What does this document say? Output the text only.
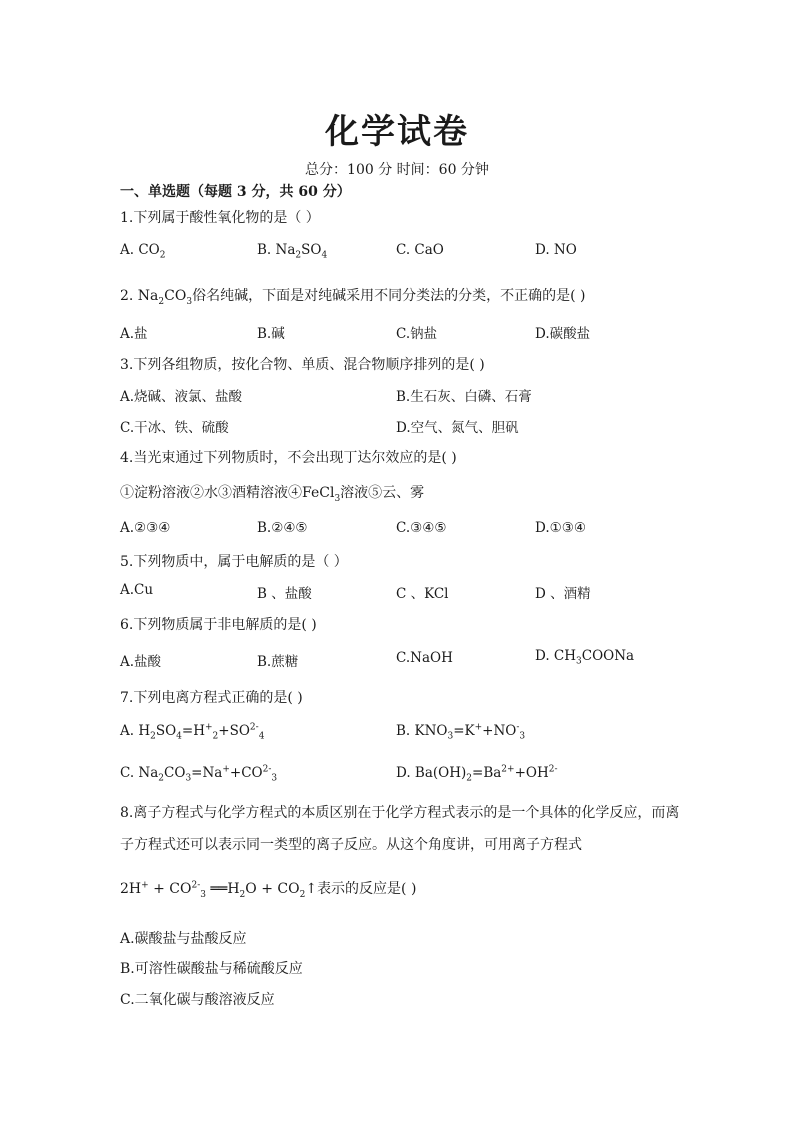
化学试卷
总分：100 分 时间：60 分钟
一、单选题（每题 3 分，共 60 分）
1.下列属于酸性氧化物的是（ ）
A. $CO_2$	B. $Na_2SO_4$	C. CaO	D. NO
2. $Na_2CO_3$俗名纯碱，下面是对纯碱采用不同分类法的分类，不正确的是( )
A.盐	B.碱	C.钠盐	D.碳酸盐
3.下列各组物质，按化合物、单质、混合物顺序排列的是( )
A.烧碱、液氯、盐酸	B.生石灰、白磷、石膏
C.干冰、铁、硫酸	D.空气、氮气、胆矾
4.当光束通过下列物质时，不会出现丁达尔效应的是( )
①淀粉溶液②水③酒精溶液④FeCl$_3$溶液⑤云、雾
A.②③④	B.②④⑤	C.③④⑤	D.①③④
5.下列物质中，属于电解质的是（ ）
A.Cu	B 、盐酸	C 、KCl	D 、酒精
6.下列物质属于非电解质的是( )
A.盐酸	B.蔗糖	C.NaOH	D. $CH_3COONa$
7.下列电离方程式正确的是( )
A. $H_2SO_4=H^+_2+SO^{2-}_4$	B. $KNO_3=K^++NO^-_3$
C. $Na_2CO_3=Na^++CO^{2-}_3$	D. $Ba(OH)_2=Ba^{2+}+OH^{2-}$
8.离子方程式与化学方程式的本质区别在于化学方程式表示的是一个具体的化学反应，而离
子方程式还可以表示同一类型的离子反应。从这个角度讲，可用离子方程式
$2H^+ + CO^{2-}_3$ $══H_2O$ + $CO_2↑$表示的反应是( )
A.碳酸盐与盐酸反应
B.可溶性碳酸盐与稀硫酸反应
C.二氧化碳与酸溶液反应
